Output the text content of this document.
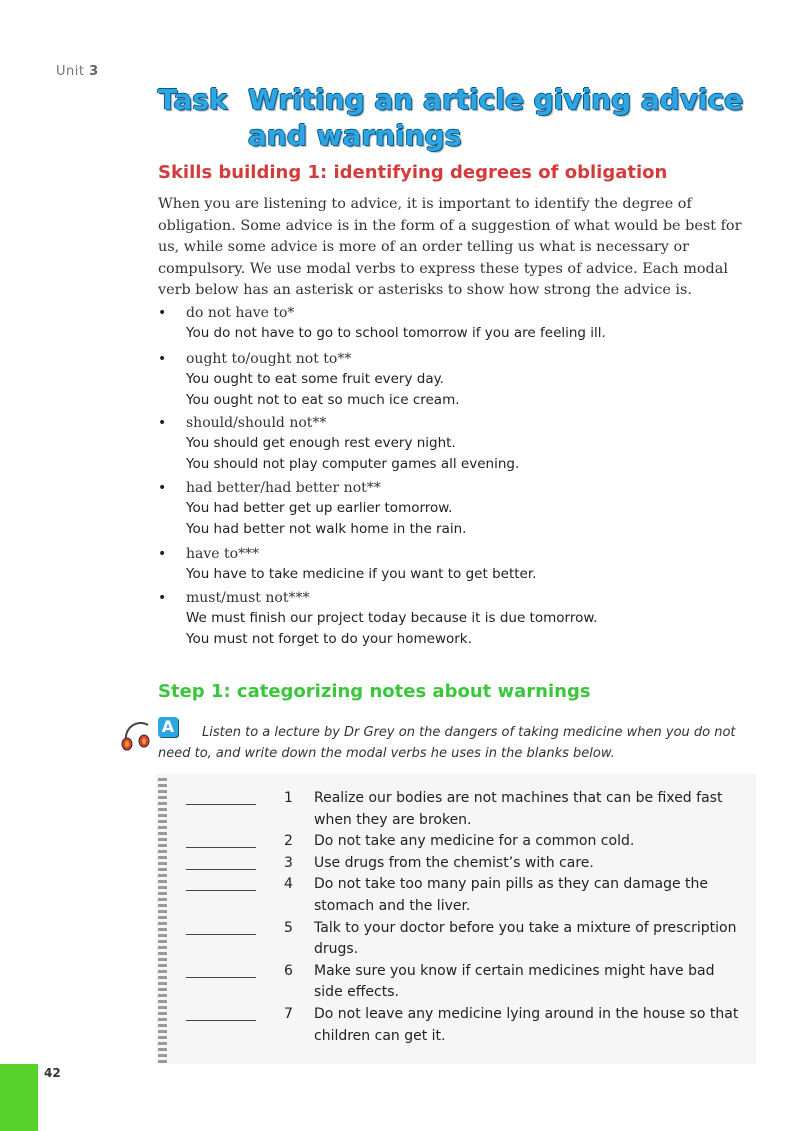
Unit 3
Task Writing an article giving advice and warnings
Skills building 1: identifying degrees of obligation
When you are listening to advice, it is important to identify the degree of obligation. Some advice is in the form of a suggestion of what would be best for us, while some advice is more of an order telling us what is necessary or compulsory. We use modal verbs to express these types of advice. Each modal verb below has an asterisk or asterisks to show how strong the advice is.
• do not have to*
You do not have to go to school tomorrow if you are feeling ill.
• ought to/ought not to**
You ought to eat some fruit every day.
You ought not to eat so much ice cream.
• should/should not**
You should get enough rest every night.
You should not play computer games all evening.
• had better/had better not**
You had better get up earlier tomorrow.
You had better not walk home in the rain.
• have to***
You have to take medicine if you want to get better.
• must/must not***
We must finish our project today because it is due tomorrow.
You must not forget to do your homework.
Step 1: categorizing notes about warnings
A	Listen to a lecture by Dr Grey on the dangers of taking medicine when you do not need to, and write down the modal verbs he uses in the blanks below.
1 Realize our bodies are not machines that can be fixed fast when they are broken.
2 Do not take any medicine for a common cold.
3 Use drugs from the chemist’s with care.
4 Do not take too many pain pills as they can damage the stomach and the liver.
5 Talk to your doctor before you take a mixture of prescription drugs.
6 Make sure you know if certain medicines might have bad side effects.
7 Do not leave any medicine lying around in the house so that children can get it.
42
